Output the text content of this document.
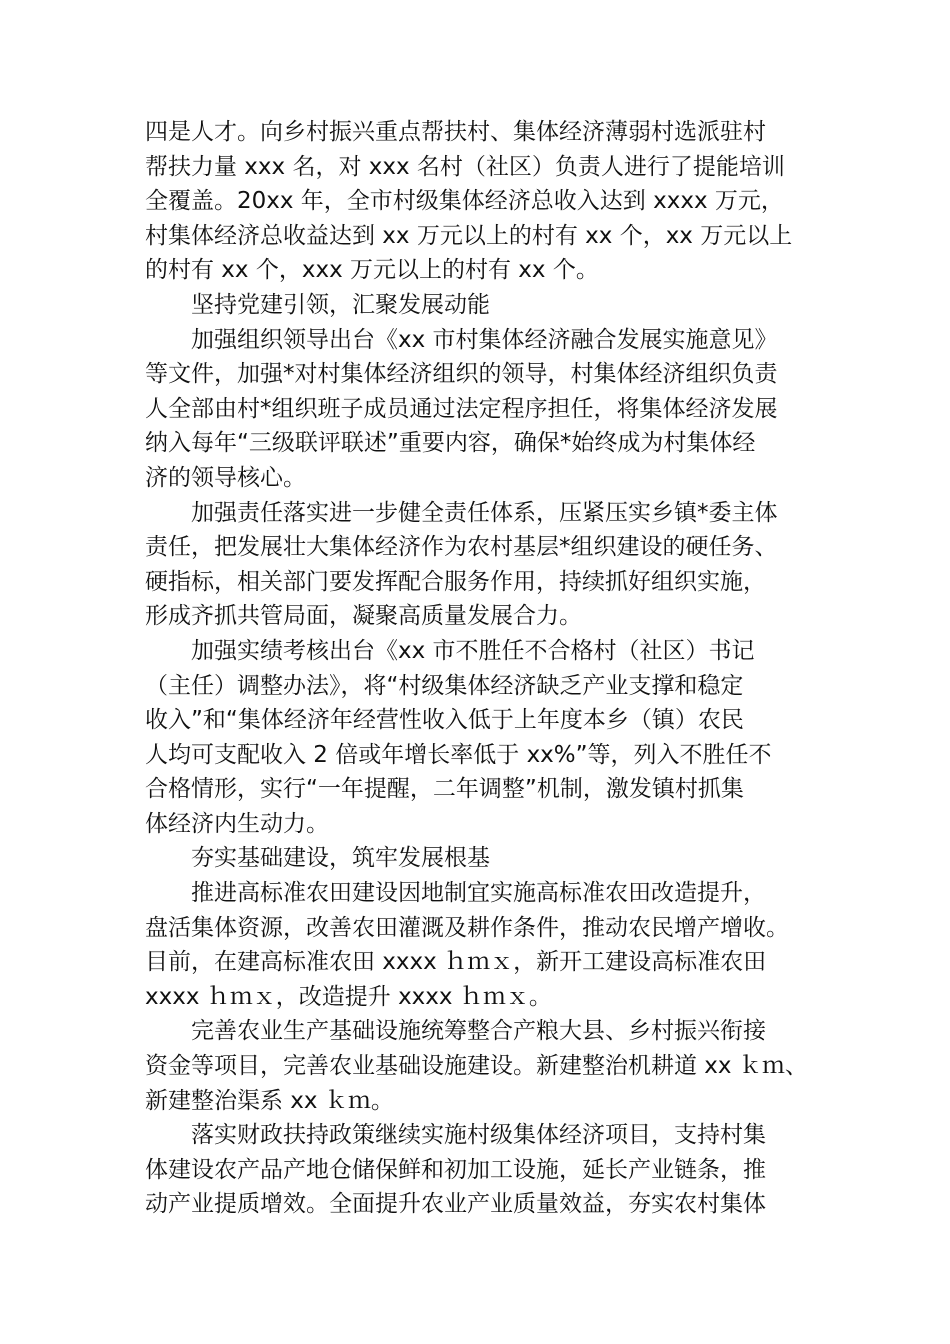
四是人才。向乡村振兴重点帮扶村、集体经济薄弱村选派驻村
帮扶力量 xxx 名，对 xxx 名村（社区）负责人进行了提能培训
全覆盖。20xx 年，全市村级集体经济总收入达到 xxxx 万元，
村集体经济总收益达到 xx 万元以上的村有 xx 个，xx 万元以上
的村有 xx 个，xxx 万元以上的村有 xx 个。
坚持党建引领，汇聚发展动能
加强组织领导出台《xx 市村集体经济融合发展实施意见》
等文件，加强*对村集体经济组织的领导，村集体经济组织负责
人全部由村*组织班子成员通过法定程序担任，将集体经济发展
纳入每年“三级联评联述”重要内容，确保*始终成为村集体经
济的领导核心。
加强责任落实进一步健全责任体系，压紧压实乡镇*委主体
责任，把发展壮大集体经济作为农村基层*组织建设的硬任务、
硬指标，相关部门要发挥配合服务作用，持续抓好组织实施，
形成齐抓共管局面，凝聚高质量发展合力。
加强实绩考核出台《xx 市不胜任不合格村（社区）书记
（主任）调整办法》，将“村级集体经济缺乏产业支撑和稳定
收入”和“集体经济年经营性收入低于上年度本乡（镇）农民
人均可支配收入 2 倍或年增长率低于 xx%”等，列入不胜任不
合格情形，实行“一年提醒，二年调整”机制，激发镇村抓集
体经济内生动力。
夯实基础建设，筑牢发展根基
推进高标准农田建设因地制宜实施高标准农田改造提升，
盘活集体资源，改善农田灌溉及耕作条件，推动农民增产增收。
目前，在建高标准农田 xxxx ｈｍｘ，新开工建设高标准农田
xxxx ｈｍｘ，改造提升 xxxx ｈｍｘ。
完善农业生产基础设施统筹整合产粮大县、乡村振兴衔接
资金等项目，完善农业基础设施建设。新建整治机耕道 xx ｋｍ、
新建整治渠系 xx ｋｍ。
落实财政扶持政策继续实施村级集体经济项目，支持村集
体建设农产品产地仓储保鲜和初加工设施，延长产业链条，推
动产业提质增效。全面提升农业产业质量效益，夯实农村集体
